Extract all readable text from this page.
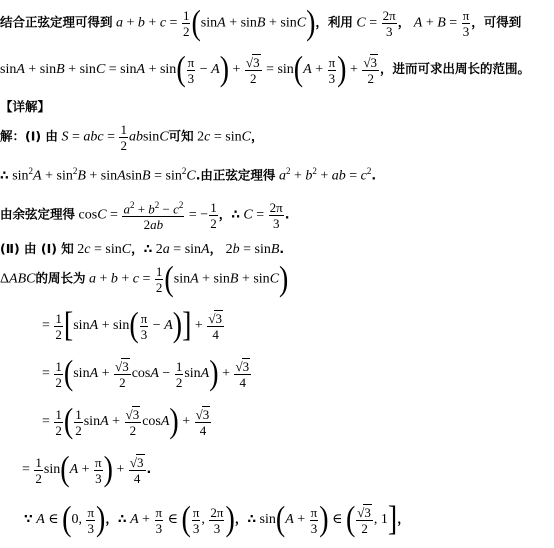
结合正弦定理可得到 $a + b + c = \frac{1}{2} (\sin A + \sin B + \sin C)$，利用 $C = \frac{2\pi}{3}$ ， $A + B = \frac{\pi}{3}$ ，可得到
$\sin A + \sin B + \sin C = \sin A + \sin( \frac{\pi}{3} - A) + \frac{√3}{2} = \sin(A + \frac{\pi}{3}$ ) + $\frac{√3}{2}$ ，进而可求出周长的范围。
【详解】
解：(Ⅰ) 由 S = abc = $\frac{1}{2}$ absinC可知 2c = sinC，
∴ $\sin^2A + \sin^2B$ + sinAsinB = $\sin^2C$.由正弦定理得 $a^2 + b^2$ + ab = $c^2$.
由余弦定理得 $\cos C = \frac{a^2 + b^2 - c^2}{2ab}$ = − $\frac{1}{2}$ ，∴ $C = \frac{2\pi}{3}$ .
(Ⅱ) 由 (Ⅰ) 知 2c = sinC，∴ 2a = sinA， 2b = sinB.
ΔABC的周长为 $a + b + c = \frac{1}{2} (\sin A + \sin B + \sin C)$
= $\frac{1}{2} [\sin A + \sin( \frac{\pi}{3} - A)] + \frac{√3}{4}$
= $\frac{1}{2} (\sin A + \frac{√3}{2}$ $\cos A - \frac{1}{2} \sin A) + \frac{√3}{4}$
= $\frac{1}{2}$ ( $\frac{1}{2}$ $\sin A + \frac{√3}{2} \cos A) + \frac{√3}{4}$
= $\frac{1}{2} \sin(A + \frac{\pi}{3}$ ) + $\frac{√3}{4}$ .
∵ A ∈ (0, $\frac{\pi}{3}$ )，∴ $A + \frac{\pi}{3}$ ∈ ( $\frac{\pi}{3}$ , $\frac{2\pi}{3}$ )，∴ $\sin(A + \frac{\pi}{3}$ ) ∈ ( $\frac{√3}{2}$ , 1]，
